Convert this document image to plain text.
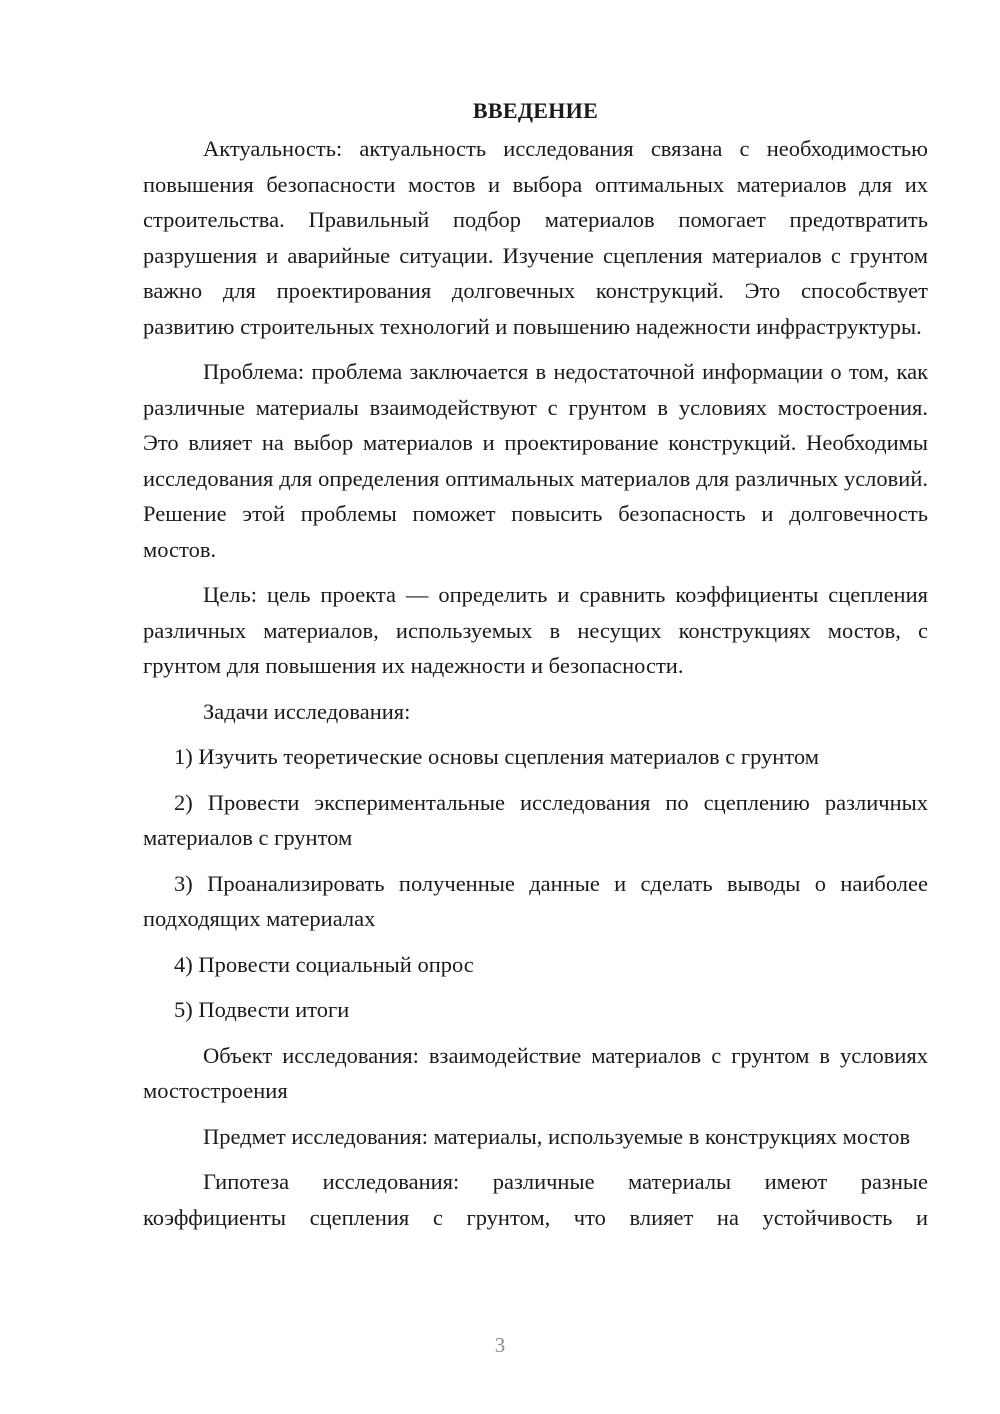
ВВЕДЕНИЕ

Актуальность: актуальность исследования связана с необходимостью повышения безопасности мостов и выбора оптимальных материалов для их строительства. Правильный подбор материалов помогает предотвратить разрушения и аварийные ситуации. Изучение сцепления материалов с грунтом важно для проектирования долговечных конструкций. Это способствует развитию строительных технологий и повышению надежности инфраструктуры.

Проблема: проблема заключается в недостаточной информации о том, как различные материалы взаимодействуют с грунтом в условиях мостостроения. Это влияет на выбор материалов и проектирование конструкций. Необходимы исследования для определения оптимальных материалов для различных условий. Решение этой проблемы поможет повысить безопасность и долговечность мостов.

Цель: цель проекта — определить и сравнить коэффициенты сцепления различных материалов, используемых в несущих конструкциях мостов, с грунтом для повышения их надежности и безопасности.

Задачи исследования:

1) Изучить теоретические основы сцепления материалов с грунтом

2) Провести экспериментальные исследования по сцеплению различных материалов с грунтом

3) Проанализировать полученные данные и сделать выводы о наиболее подходящих материалах

4) Провести социальный опрос

5) Подвести итоги

Объект исследования: взаимодействие материалов с грунтом в условиях мостостроения

Предмет исследования: материалы, используемые в конструкциях мостов

Гипотеза исследования: различные материалы имеют разные коэффициенты сцепления с грунтом, что влияет на устойчивость и

3
